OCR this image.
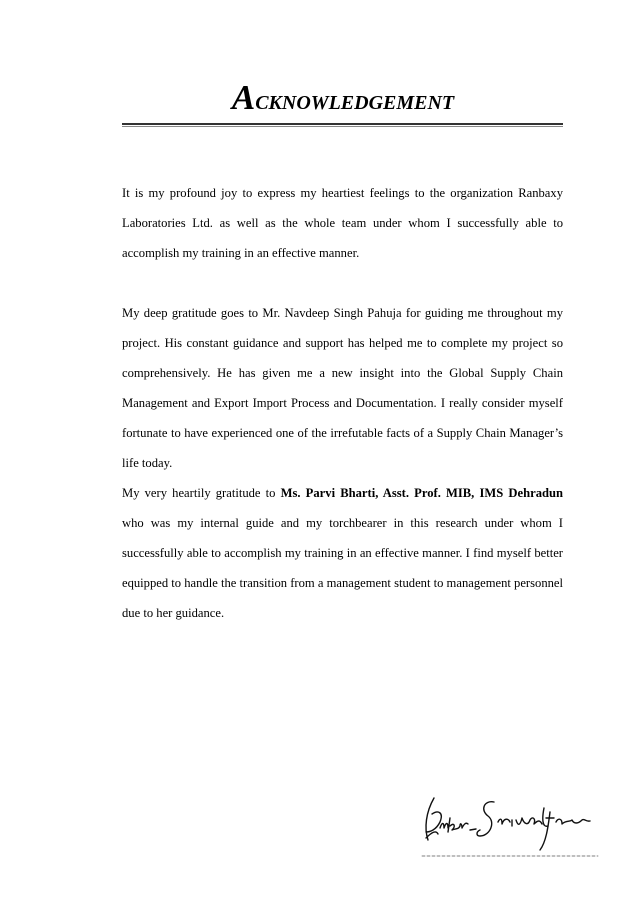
ACKNOWLEDGEMENT

It is my profound joy to express my heartiest feelings to the organization Ranbaxy Laboratories Ltd. as well as the whole team under whom I successfully able to accomplish my training in an effective manner.

My deep gratitude goes to Mr. Navdeep Singh Pahuja for guiding me throughout my project. His constant guidance and support has helped me to complete my project so comprehensively. He has given me a new insight into the Global Supply Chain Management and Export Import Process and Documentation. I really consider myself fortunate to have experienced one of the irrefutable facts of a Supply Chain Manager’s life today.

My very heartily gratitude to Ms. Parvi Bharti, Asst. Prof. MIB, IMS Dehradun who was my internal guide and my torchbearer in this research under whom I successfully able to accomplish my training in an effective manner. I find myself better equipped to handle the transition from a management student to management personnel due to her guidance.
